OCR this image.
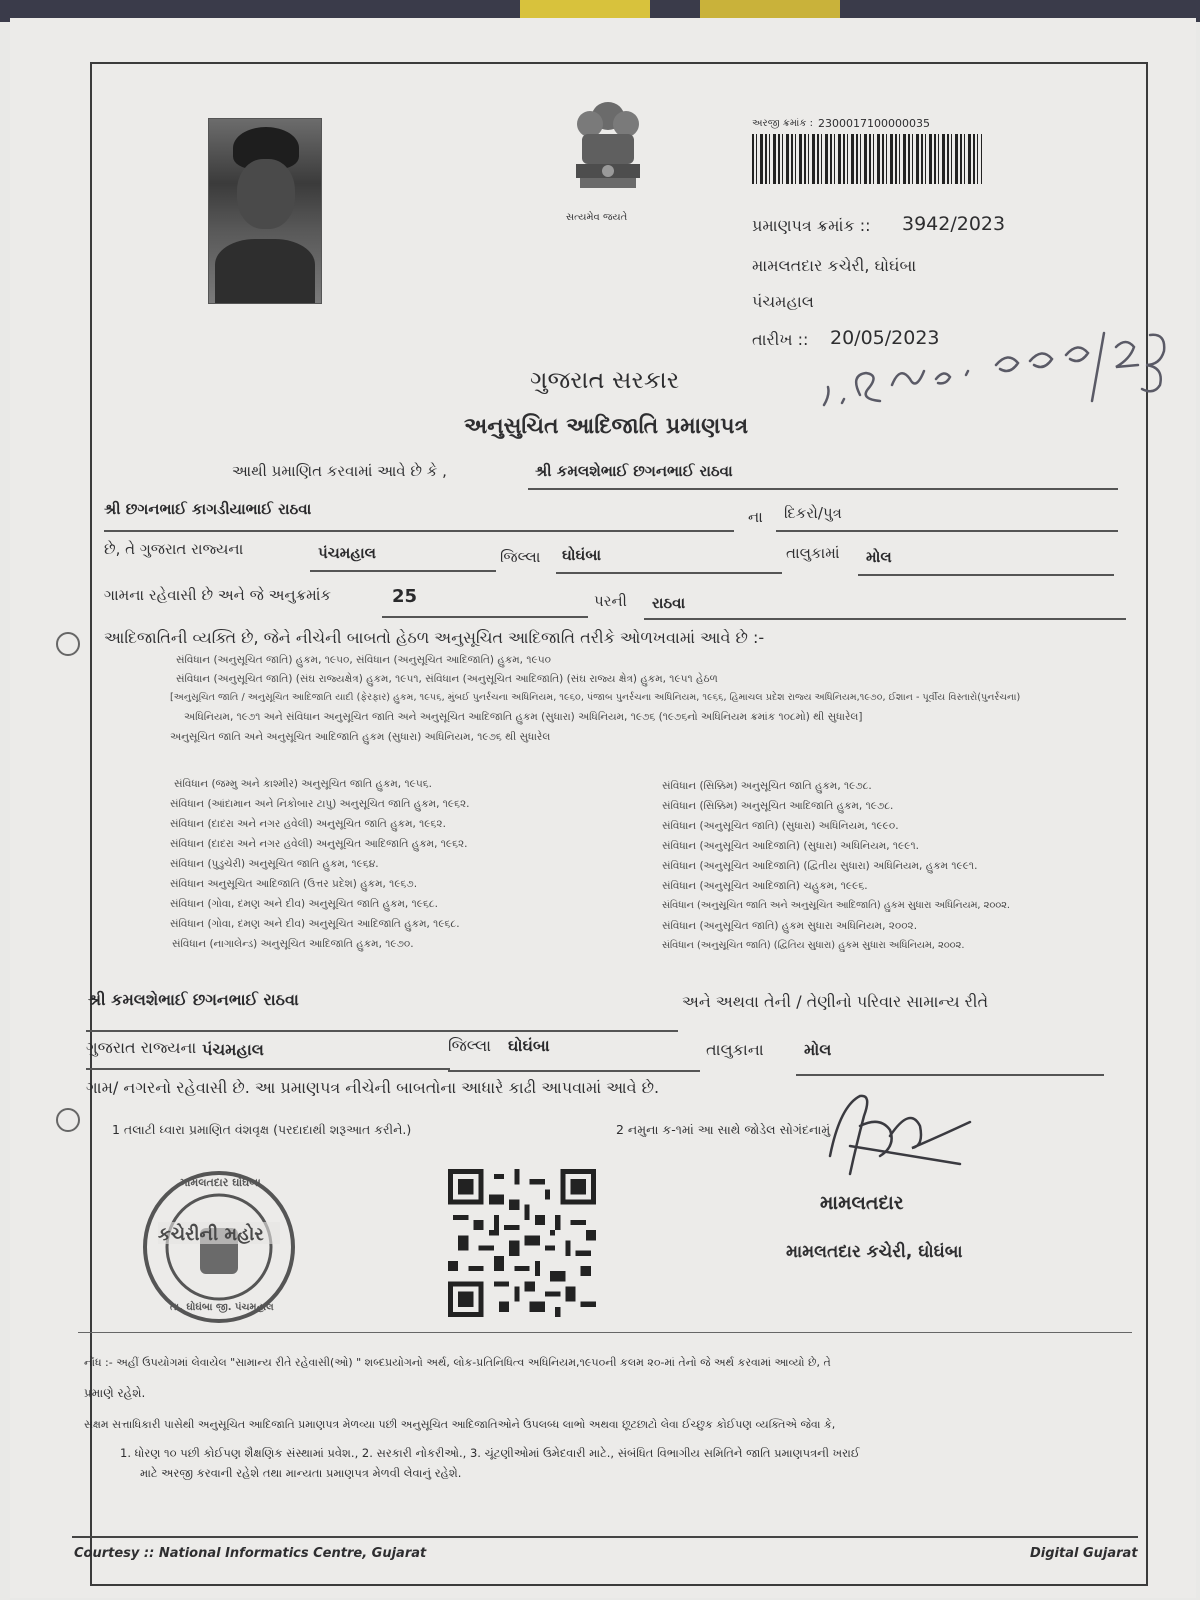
સત્યમેવ જયતે
અરજી ક્રમાંક : 2300017100000035
પ્રમાણપત્ર ક્રમાંક :: 3942/2023
મામલતદાર કચેરી, ઘોઘંબા
પંચમહાલ
તારીખ :: 20/05/2023
ગુજરાત સરકાર
અનુસુચિત આદિજાતિ પ્રમાણપત્ર
આથી પ્રમાણિત કરવામાં આવે છે કે ,	શ્રી કમલશેભાઈ છગનભાઈ રાઠવા
શ્રી છગનભાઈ કાગડીયાભાઈ રાઠવા	ના દિકરો/પુત્ર
છે, તે ગુજરાત રાજ્યના	પંચમહાલ	જિલ્લા ઘોઘંબા	તાલુકામાં મોલ
ગામના રહેવાસી છે અને જે અનુક્રમાંક	25	પરની રાઠવા
આદિજાતિની વ્યક્તિ છે, જેને નીચેની બાબતો હેઠળ અનુસૂચિત આદિજાતિ તરીકે ઓળખવામાં આવે છે :-
સંવિધાન (અનુસૂચિત જાતિ) હુકમ, ૧૯૫૦, સંવિધાન (અનુસૂચિત આદિજાતિ) હુકમ, ૧૯૫૦
સંવિધાન (અનુસૂચિત જાતિ) (સંઘ રાજ્યક્ષેત્ર) હુકમ, ૧૯૫૧, સંવિધાન (અનુસૂચિત આદિજાતિ) (સંઘ રાજ્ય ક્ષેત્ર) હુકમ, ૧૯૫૧ હેઠળ
[અનુસૂચિત જાતિ / અનુસૂચિત આદિજાતિ યાદી (ફેરફાર) હુકમ, ૧૯૫૬, મુંબઈ પુનર્રચના અધિનિયમ, ૧૯૬૦, પંજાબ પુનર્રચના અધિનિયમ, ૧૯૬૬, હિમાચલ પ્રદેશ રાજ્ય અધિનિયમ,૧૯૭૦, ઈશાન - પૂર્વીય વિસ્તારો(પુનર્રચના)
અધિનિયમ, ૧૯૭૧ અને સંવિધાન અનુસૂચિત જાતિ અને અનુસૂચિત આદિજાતિ હુકમ (સુધારા) અધિનિયમ, ૧૯૭૬ (૧૯૭૬નો અધિનિયમ ક્રમાંક ૧૦૮મો) થી સુધારેલ]
અનુસૂચિત જાતિ અને અનુસૂચિત આદિજાતિ હુકમ (સુધારા) અધિનિયમ, ૧૯૭૬ થી સુધારેલ
સંવિધાન (જમ્મુ અને કાશ્મીર) અનુસૂચિત જાતિ હુકમ, ૧૯૫૬.
સંવિધાન (આંદામાન અને નિકોબાર ટાપુ) અનુસૂચિત જાતિ હુકમ, ૧૯૬૨.
સંવિધાન (દાદરા અને નગર હવેલી) અનુસૂચિત જાતિ હુકમ, ૧૯૬૨.
સંવિધાન (દાદરા અને નગર હવેલી) અનુસૂચિત આદિજાતિ હુકમ, ૧૯૬૨.
સંવિધાન (પુડુચેરી) અનુસૂચિત જાતિ હુકમ, ૧૯૬૪.
સંવિધાન અનુસૂચિત આદિજાતિ (ઉત્તર પ્રદેશ) હુકમ, ૧૯૬૭.
સંવિધાન (ગોવા, દમણ અને દીવ) અનુસૂચિત જાતિ હુકમ, ૧૯૬૮.
સંવિધાન (ગોવા, દમણ અને દીવ) અનુસૂચિત આદિજાતિ હુકમ, ૧૯૬૮.
સંવિધાન (નાગાલેન્ડ) અનુસૂચિત આદિજાતિ હુકમ, ૧૯૭૦.
સંવિધાન (સિક્કિમ) અનુસૂચિત જાતિ હુકમ, ૧૯૭૮.
સંવિધાન (સિક્કિમ) અનુસૂચિત આદિજાતિ હુકમ, ૧૯૭૮.
સંવિધાન (અનુસૂચિત જાતિ) (સુધારા) અધિનિયમ, ૧૯૯૦.
સંવિધાન (અનુસૂચિત આદિજાતિ) (સુધારા) અધિનિયમ, ૧૯૯૧.
સંવિધાન (અનુસૂચિત આદિજાતિ) (દ્વિતીય સુધારા) અધિનિયમ, હુકમ ૧૯૯૧.
સંવિધાન (અનુસૂચિત આદિજાતિ) ચહુકમ, ૧૯૯૬.
સંવિધાન (અનુસૂચિત જાતિ અને અનુસૂચિત આદિજાતિ) હુકમ સુધારા અધિનિયમ, ૨૦૦૨.
સંવિધાન (અનુસૂચિત જાતિ) હુકમ સુધારા અધિનિયમ, ૨૦૦૨.
સંવિધાન (અનુસૂચિત જાતિ) (દ્વિતિય સુધારા) હુકમ સુધારા અધિનિયમ, ૨૦૦૨.
શ્રી કમલશેભાઈ છગનભાઈ રાઠવા	અને અથવા તેની / તેણીનો પરિવાર સામાન્ય રીતે
ગુજરાત રાજ્યના પંચમહાલ	જિલ્લા ઘોઘંબા	તાલુકાના	મોલ
ગામ/ નગરનો રહેવાસી છે. આ પ્રમાણપત્ર નીચેની બાબતોના આધારે કાઢી આપવામાં આવે છે.
1 તલાટી ધ્વારા પ્રમાણિત વંશવૃક્ષ (પરદાદાથી શરૂઆત કરીને.)	2 નમુના ક-૧માં આ સાથે જોડેલ સોગંદનામું
મામલતદાર ઘોઘંબા
કચેરીની મહોર
તા. ઘોઘંબા જી. પંચમહાલ
મામલતદાર
મામલતદાર કચેરી, ઘોઘંબા
નોંધ :- અહીં ઉપયોગમાં લેવાયેલ "સામાન્ય રીતે રહેવાસી(ઓ) " શબ્દપ્રયોગનો અર્થ, લોક-પ્રતિનિધિત્વ અધિનિયમ,૧૯૫૦ની કલમ ૨૦-માં તેનો જે અર્થ કરવામાં આવ્યો છે, તે
પ્રમાણે રહેશે.
સક્ષમ સત્તાધિકારી પાસેથી અનુસૂચિત આદિજાતિ પ્રમાણપત્ર મેળવ્યા પછી અનુસૂચિત આદિજાતિઓને ઉપલબ્ધ લાભો અથવા છૂટછાટો લેવા ઈચ્છુક કોઈપણ વ્યક્તિએ જેવા કે,
1. ધોરણ ૧૦ પછી કોઈપણ શૈક્ષણિક સંસ્થામાં પ્રવેશ., 2. સરકારી નોકરીઓ., 3. ચૂંટણીઓમાં ઉમેદવારી માટે., સંબંધિત વિભાગીય સમિતિને જાતિ પ્રમાણપત્રની ખરાઈ
માટે અરજી કરવાની રહેશે તથા માન્યતા પ્રમાણપત્ર મેળવી લેવાનું રહેશે.
Courtesy :: National Informatics Centre, Gujarat	Digital Gujarat
